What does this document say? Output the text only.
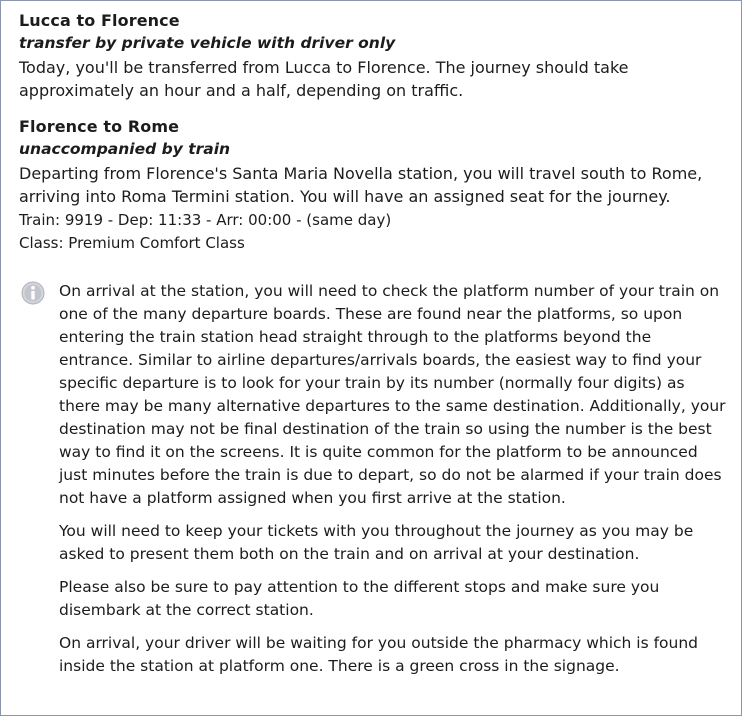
Lucca to Florence
transfer by private vehicle with driver only
Today, you'll be transferred from Lucca to Florence. The journey should take approximately an hour and a half, depending on traffic.
Florence to Rome
unaccompanied by train
Departing from Florence's Santa Maria Novella station, you will travel south to Rome, arriving into Roma Termini station. You will have an assigned seat for the journey.
Train: 9919 - Dep: 11:33 - Arr: 00:00 - (same day)
Class: Premium Comfort Class

On arrival at the station, you will need to check the platform number of your train on one of the many departure boards. These are found near the platforms, so upon entering the train station head straight through to the platforms beyond the entrance. Similar to airline departures/arrivals boards, the easiest way to find your specific departure is to look for your train by its number (normally four digits) as there may be many alternative departures to the same destination. Additionally, your destination may not be final destination of the train so using the number is the best way to find it on the screens. It is quite common for the platform to be announced just minutes before the train is due to depart, so do not be alarmed if your train does not have a platform assigned when you first arrive at the station.

You will need to keep your tickets with you throughout the journey as you may be asked to present them both on the train and on arrival at your destination.

Please also be sure to pay attention to the different stops and make sure you disembark at the correct station.

On arrival, your driver will be waiting for you outside the pharmacy which is found inside the station at platform one. There is a green cross in the signage.
